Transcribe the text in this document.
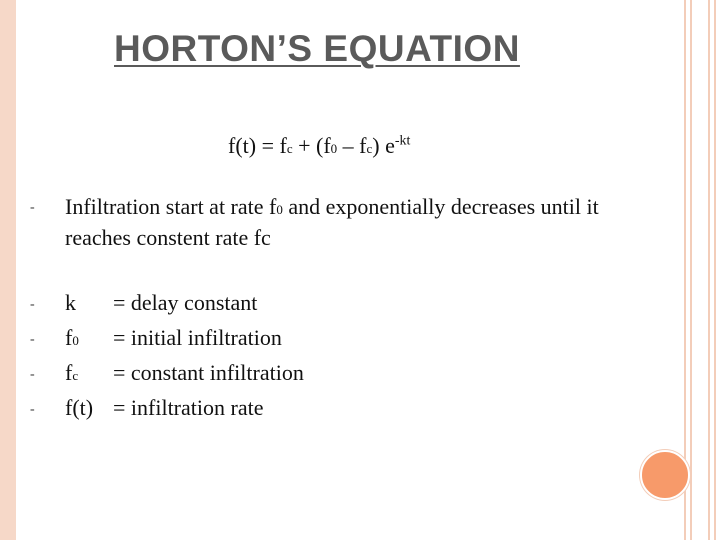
HORTON’S EQUATION
f(t) = fc + (f0 – fc) $e^{-kt}$
- Infiltration start at rate f0 and exponentially decreases until it reaches constent rate fc
-
-
-
-
k = delay constant
f0 = initial infiltration
fc = constant infiltration
f(t) = infiltration rate
